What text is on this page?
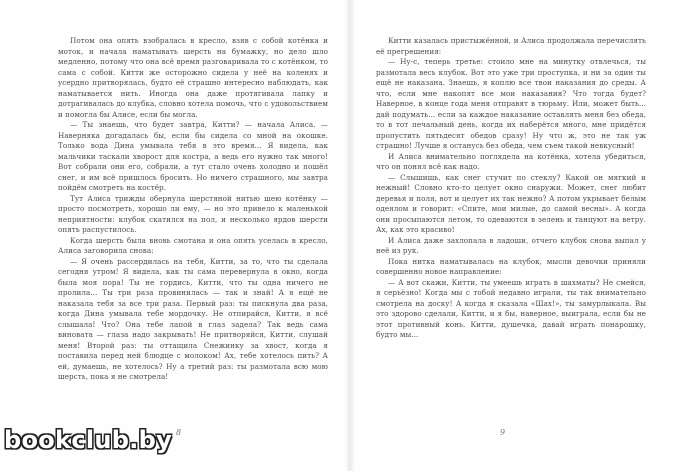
Потом она опять взобралась в кресло, взяв с собой котёнка и моток, и начала наматывать шерсть на бумажку, но дело шло медленно, потому что она всё время разговаривала то с котёнком, то сама с собой. Китти же осторожно сидела у неё на коленях и усердно притворялась, будто её страшно интересно наблюдать, как наматывается нить. Иногда она даже протягивала лапку и дотрагивалась до клубка, словно хотела помочь, что с удовольствием и помогла бы Алисе, если бы могла.

— Ты знаешь, что будет завтра, Китти? — начала Алиса. — Наверняка догадалась бы, если бы сидела со мной на окошке. Только вода Дина умывала тебя в это время... Я видела, как мальчики таскали хворост для костра, а ведь его нужно так много! Вот собрали они его, собрали, а тут стало очень холодно и пошёл снег, и им всё пришлось бросить. Но ничего страшного, мы завтра пойдём смотреть на костёр.

Тут Алиса трижды обернула шерстяной нитью шею котёнку — просто посмотреть, хорошо ли ему, — но это привело к маленькой неприятности: клубок скатился на пол, и несколько ярдов шерсти опять распустилось.

Когда шерсть была вновь смотана и она опять уселась в кресло, Алиса заговорила снова:

— Я очень рассердилась на тебя, Китти, за то, что ты сделала сегодня утром! Я видела, как ты сама перевернула в окно, когда была моя пора! Ты не гордись, Китти, что ты одна ничего не пролила... Ты три раза провинилась — так и знай! А я ещё не наказала тебя за все три раза. Первый раз: ты пискнула два раза, когда Дина умывала тебе мордочку. Не отпирайся, Китти, я всё слышала! Что? Она тебе лапой в глаз задела? Так ведь сама виновата — глаза надо закрывать! Не притворяйся, Китти, слушай меня! Второй раз: ты оттащила Снежинку за хвост, когда я поставила перед ней блюдце с молоком! Ах, тебе хотелось пить? А ей, думаешь, не хотелось? Ну а третий раз: ты размотала всю мою шерсть, пока я не смотрела!

Китти казалась пристыжённой, и Алиса продолжала перечислять её прегрешения:

— Ну-с, теперь третье: стоило мне на минутку отвлечься, ты размотала весь клубок. Вот это уже три проступка, и ни за один ты ещё не наказана. Знаешь, я коплю все твои наказания до среды. А что, если мне накопят все мои наказания? Что тогда будет? Наверное, в конце года меня отправят в тюрьму. Или, может быть... дай подумать... если за каждое наказание оставлять меня без обеда, то в тот печальный день, когда их наберётся много, мне придётся пропустить пятьдесят обедов сразу! Ну что ж, это не так уж страшно! Лучше я останусь без обеда, чем съем такой невкусный!

И Алиса внимательно поглядела на котёнка, хотела убедиться, что он понял всё как надо.

— Слышишь, как снег стучит по стеклу? Какой он мягкий и нежный! Словно кто-то целует окно снаружи. Может, снег любит деревья и поля, вот и целует их так нежно? А потом укрывает белым одеялом и говорит: «Спите, мои милые, до самой весны». А когда они просыпаются летом, то одеваются в зелень и танцуют на ветру. Ах, как это красиво!

И Алиса даже захлопала в ладоши, отчего клубок снова выпал у неё из рук.

Пока нитка наматывалась на клубок, мысли девочки приняли совершенно новое направление:

— А вот скажи, Китти, ты умеешь играть в шахматы? Не смейся, я серьёзно! Когда мы с тобой недавно играли, ты так внимательно смотрела на доску! А когда я сказала «Шах!», ты замурлыкала. Вы это здорово сделали, Китти, и я бы, наверное, выиграла, если бы не этот противный конь. Китти, душечка, давай играть понарошку, будто мы...

8	9
bookclub.by
